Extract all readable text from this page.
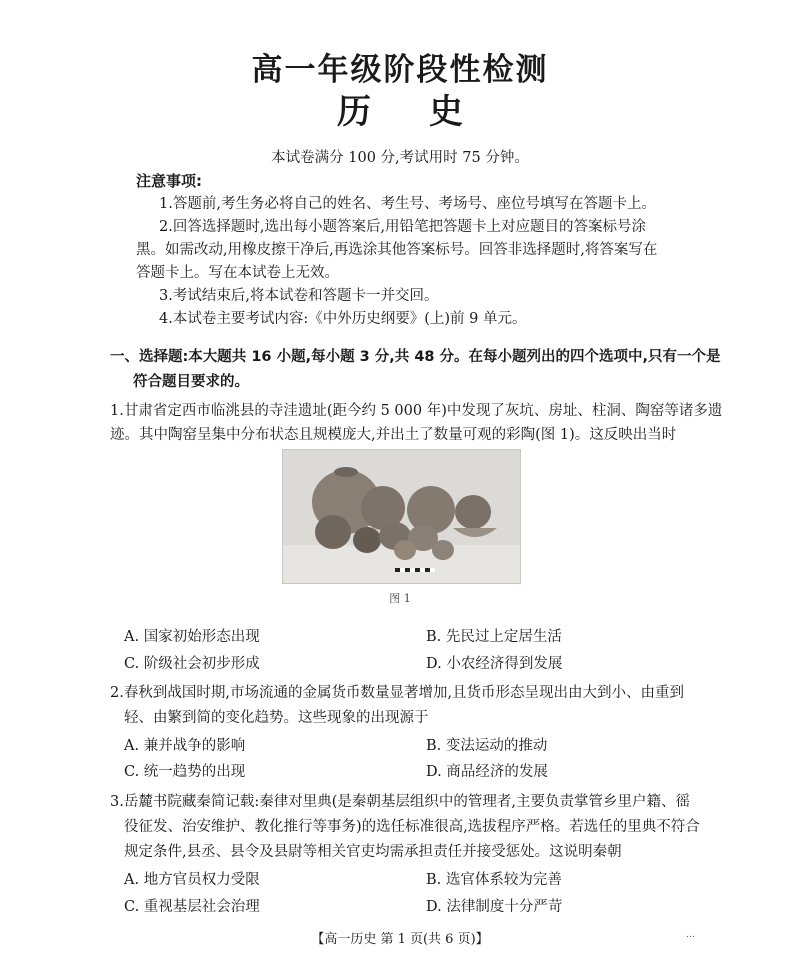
高一年级阶段性检测
历史
本试卷满分 100 分,考试用时 75 分钟。
注意事项:
1.答题前,考生务必将自己的姓名、考生号、考场号、座位号填写在答题卡上。
2.回答选择题时,选出每小题答案后,用铅笔把答题卡上对应题目的答案标号涂
黑。如需改动,用橡皮擦干净后,再选涂其他答案标号。回答非选择题时,将答案写在
答题卡上。写在本试卷上无效。
3.考试结束后,将本试卷和答题卡一并交回。
4.本试卷主要考试内容:《中外历史纲要》(上)前 9 单元。
一、选择题:本大题共 16 小题,每小题 3 分,共 48 分。在每小题列出的四个选项中,只有一个是
符合题目要求的。
1.甘肃省定西市临洮县的寺洼遗址(距今约 5 000 年)中发现了灰坑、房址、柱洞、陶窑等诸多遗
迹。其中陶窑呈集中分布状态且规模庞大,并出土了数量可观的彩陶(图 1)。这反映出当时
图 1
A. 国家初始形态出现	B. 先民过上定居生活
C. 阶级社会初步形成	D. 小农经济得到发展
2.春秋到战国时期,市场流通的金属货币数量显著增加,且货币形态呈现出由大到小、由重到
轻、由繁到简的变化趋势。这些现象的出现源于
A. 兼并战争的影响	B. 变法运动的推动
C. 统一趋势的出现	D. 商品经济的发展
3.岳麓书院藏秦简记载:秦律对里典(是秦朝基层组织中的管理者,主要负责掌管乡里户籍、徭
役征发、治安维护、教化推行等事务)的选任标准很高,选拔程序严格。若选任的里典不符合
规定条件,县丞、县令及县尉等相关官吏均需承担责任并接受惩处。这说明秦朝
A. 地方官员权力受限	B. 选官体系较为完善
C. 重视基层社会治理	D. 法律制度十分严苛
【高一历史 第 1 页(共 6 页)】	…
